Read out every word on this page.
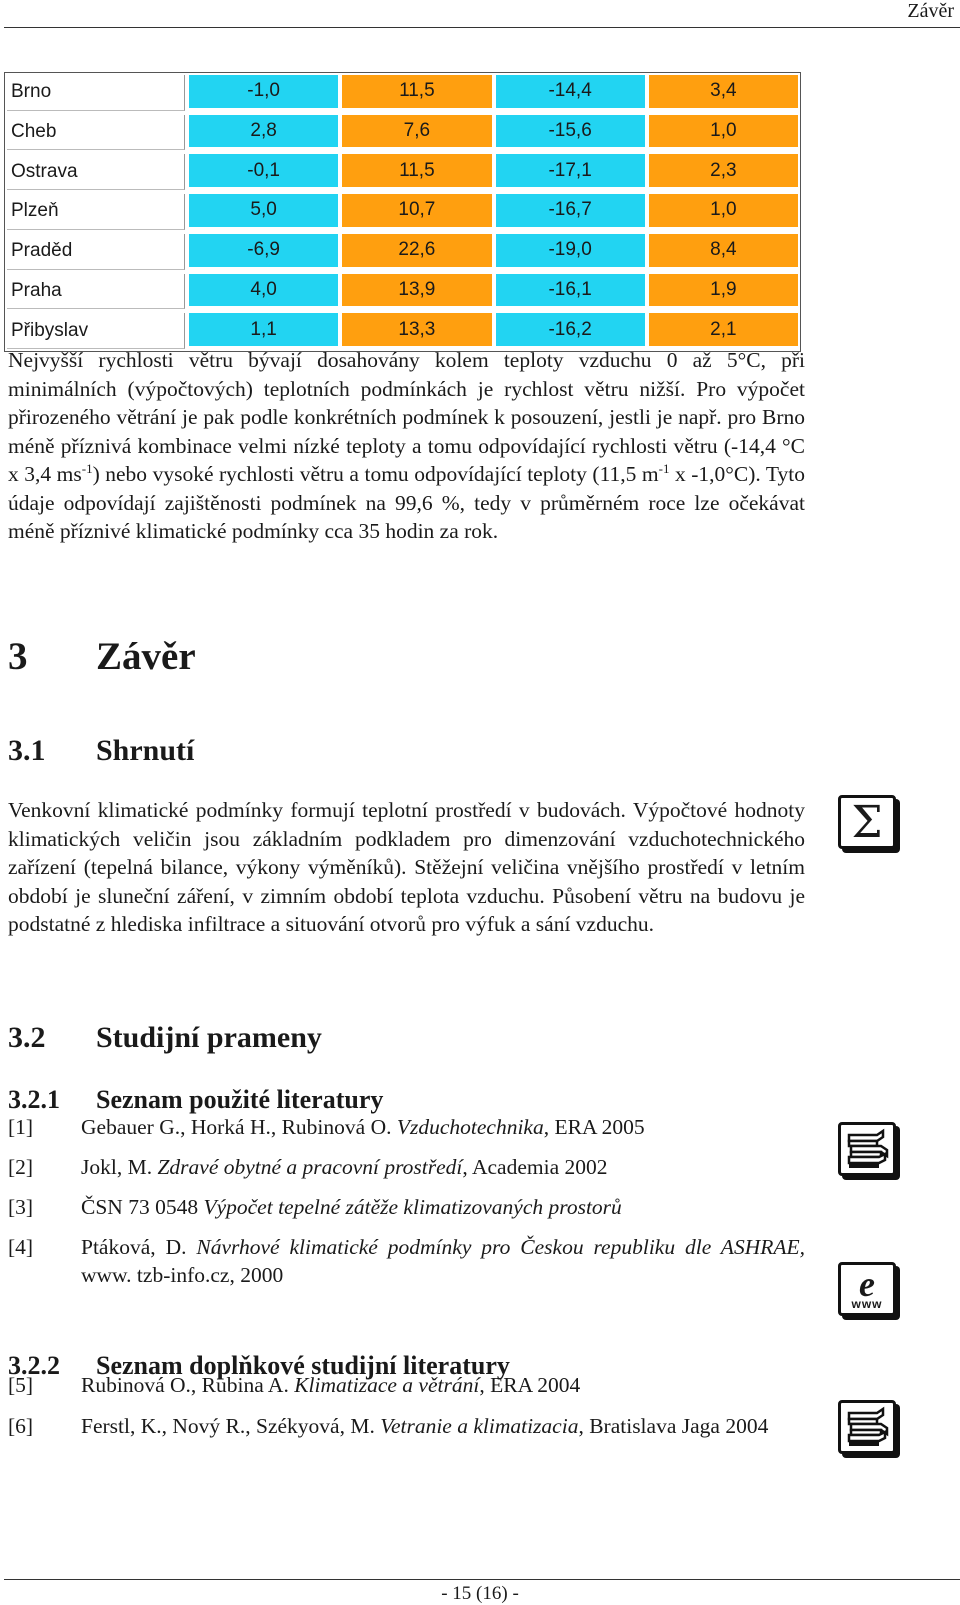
Závěr
Brno	-1,0	11,5	-14,4	3,4
Cheb	2,8	7,6	-15,6	1,0
Ostrava	-0,1	11,5	-17,1	2,3
Plzeň	5,0	10,7	-16,7	1,0
Praděd	-6,9	22,6	-19,0	8,4
Praha	4,0	13,9	-16,1	1,9
Přibyslav	1,1	13,3	-16,2	2,1

Nejvyšší rychlosti větru bývají dosahovány kolem teploty vzduchu 0 až 5°C, při minimálních (výpočtových) teplotních podmínkách je rychlost větru nižší. Pro výpočet přirozeného větrání je pak podle konkrétních podmínek k posouzení, jestli je např. pro Brno méně příznivá kombinace velmi nízké teploty a tomu odpovídající rychlosti větru (-14,4 °C x 3,4 $ms^{-1}$) nebo vysoké rychlosti větru a tomu odpovídající teploty (11,5 $m^{-1}$ x -1,0°C). Tyto údaje odpovídají zajištěnosti podmínek na 99,6 %, tedy v průměrném roce lze očekávat méně příznivé klimatické podmínky cca 35 hodin za rok.

3 Závěr
3.1 Shrnutí

Venkovní klimatické podmínky formují teplotní prostředí v budovách. Výpočtové hodnoty klimatických veličin jsou základním podkladem pro dimenzování vzduchotechnického zařízení (tepelná bilance, výkony výměníků). Stěžejní veličina vnějšího prostředí v letním období je sluneční záření, v zimním období teplota vzduchu. Působení větru na budovu je podstatné z hlediska infiltrace a situování otvorů pro výfuk a sání vzduchu.

Σ
3.2 Studijní prameny
3.2.1 Seznam použité literatury
[1] Gebauer G., Horká H., Rubinová O. Vzduchotechnika, ERA 2005
[2] Jokl, M. Zdravé obytné a pracovní prostředí, Academia 2002
[3] ČSN 73 0548 Výpočet tepelné zátěže klimatizovaných prostorů
[4] Ptáková, D. Návrhové klimatické podmínky pro Českou republiku dle ASHRAE, www. tzb-info.cz, 2000
3.2.2 Seznam doplňkové studijní literatury
[5] Rubinová O., Rubina A. Klimatizace a větrání, ERA 2004
[6] Ferstl, K., Nový R., Székyová, M. Vetranie a klimatizacia, Bratislava Jaga 2004
e
www
- 15 (16) -
